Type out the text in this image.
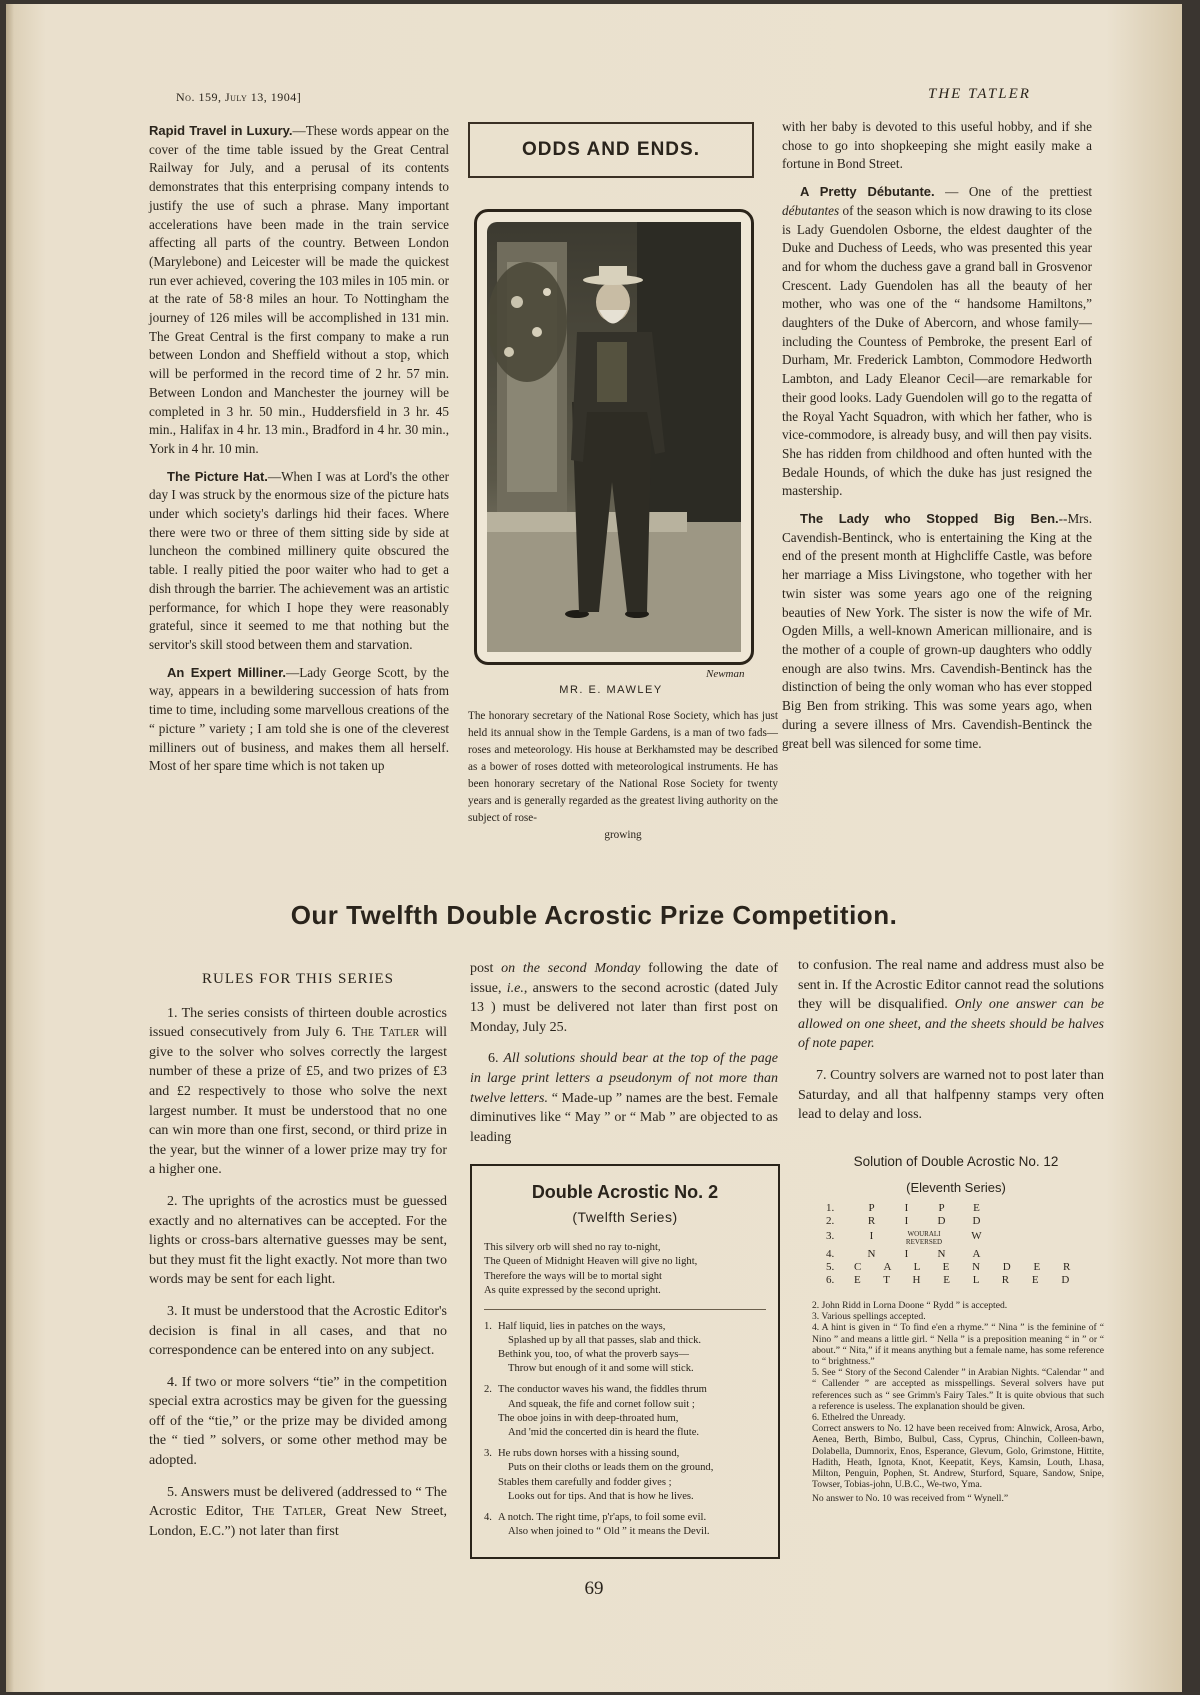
No. 159, July 13, 1904]	THE TATLER

Rapid Travel in Luxury.—These words appear on the cover of the time table issued by the Great Central Railway for July, and a perusal of its contents demonstrates that this enterprising company intends to justify the use of such a phrase. Many important accelerations have been made in the train service affecting all parts of the country. Between London (Marylebone) and Leicester will be made the quickest run ever achieved, covering the 103 miles in 105 min. or at the rate of 58·8 miles an hour. To Nottingham the journey of 126 miles will be accomplished in 131 min. The Great Central is the first company to make a run between London and Sheffield without a stop, which will be performed in the record time of 2 hr. 57 min. Between London and Manchester the journey will be completed in 3 hr. 50 min., Huddersfield in 3 hr. 45 min., Halifax in 4 hr. 13 min., Bradford in 4 hr. 30 min., York in 4 hr. 10 min.

The Picture Hat.—When I was at Lord's the other day I was struck by the enormous size of the picture hats under which society's darlings hid their faces. Where there were two or three of them sitting side by side at luncheon the combined millinery quite obscured the table. I really pitied the poor waiter who had to get a dish through the barrier. The achievement was an artistic performance, for which I hope they were reasonably grateful, since it seemed to me that nothing but the servitor's skill stood between them and starvation.

An Expert Milliner.—Lady George Scott, by the way, appears in a bewildering succession of hats from time to time, including some marvellous creations of the “ picture ” variety ; I am told she is one of the cleverest milliners out of business, and makes them all herself. Most of her spare time which is not taken up

ODDS AND ENDS.
Newman
MR. E. MAWLEY
The honorary secretary of the National Rose Society, which has just held its annual show in the Temple Gardens, is a man of two fads—roses and meteorology. His house at Berkhamsted may be described as a bower of roses dotted with meteorological instruments. He has been honorary secretary of the National Rose Society for twenty years and is generally regarded as the greatest living authority on the subject of rose-
growing

with her baby is devoted to this useful hobby, and if she chose to go into shopkeeping she might easily make a fortune in Bond Street.

A Pretty Débutante. — One of the prettiest débutantes of the season which is now drawing to its close is Lady Guendolen Osborne, the eldest daughter of the Duke and Duchess of Leeds, who was presented this year and for whom the duchess gave a grand ball in Grosvenor Crescent. Lady Guendolen has all the beauty of her mother, who was one of the “ handsome Hamiltons,” daughters of the Duke of Abercorn, and whose family—including the Countess of Pembroke, the present Earl of Durham, Mr. Frederick Lambton, Commodore Hedworth Lambton, and Lady Eleanor Cecil—are remarkable for their good looks. Lady Guendolen will go to the regatta of the Royal Yacht Squadron, with which her father, who is vice-commodore, is already busy, and will then pay visits. She has ridden from childhood and often hunted with the Bedale Hounds, of which the duke has just resigned the mastership.

The Lady who Stopped Big Ben.--Mrs. Cavendish-Bentinck, who is entertaining the King at the end of the present month at Highcliffe Castle, was before her marriage a Miss Livingstone, who together with her twin sister was some years ago one of the reigning beauties of New York. The sister is now the wife of Mr. Ogden Mills, a well-known American millionaire, and is the mother of a couple of grown-up daughters who oddly enough are also twins. Mrs. Cavendish-Bentinck has the distinction of being the only woman who has ever stopped Big Ben from striking. This was some years ago, when during a severe illness of Mrs. Cavendish-Bentinck the great bell was silenced for some time.

Our Twelfth Double Acrostic Prize Competition.

RULES FOR THIS SERIES

1. The series consists of thirteen double acrostics issued consecutively from July 6. The Tatler will give to the solver who solves correctly the largest number of these a prize of £5, and two prizes of £3 and £2 respectively to those who solve the next largest number. It must be understood that no one can win more than one first, second, or third prize in the year, but the winner of a lower prize may try for a higher one.

2. The uprights of the acrostics must be guessed exactly and no alternatives can be accepted. For the lights or cross-bars alternative guesses may be sent, but they must fit the light exactly. Not more than two words may be sent for each light.

3. It must be understood that the Acrostic Editor's decision is final in all cases, and that no correspondence can be entered into on any subject.

4. If two or more solvers “tie” in the competition special extra acrostics may be given for the guessing off of the “tie,” or the prize may be divided among the “ tied ” solvers, or some other method may be adopted.

5. Answers must be delivered (addressed to “ The Acrostic Editor, The Tatler, Great New Street, London, E.C.”) not later than first

post on the second Monday following the date of issue, i.e., answers to the second acrostic (dated July 13 ) must be delivered not later than first post on Monday, July 25.

6. All solutions should bear at the top of the page in large print letters a pseudonym of not more than twelve letters. “ Made-up ” names are the best. Female diminutives like “ May ” or “ Mab ” are objected to as leading

to confusion. The real name and address must also be sent in. If the Acrostic Editor cannot read the solutions they will be disqualified. Only one answer can be allowed on one sheet, and the sheets should be halves of note paper.

7. Country solvers are warned not to post later than Saturday, and all that halfpenny stamps very often lead to delay and loss.

Double Acrostic No. 2
(Twelfth Series)
This silvery orb will shed no ray to-night,
The Queen of Midnight Heaven will give no light,
Therefore the ways will be to mortal sight
As quite expressed by the second upright.
1. Half liquid, lies in patches on the ways,
Splashed up by all that passes, slab and thick.
Bethink you, too, of what the proverb says—
Throw but enough of it and some will stick.
2. The conductor waves his wand, the fiddles thrum
And squeak, the fife and cornet follow suit ;
The oboe joins in with deep-throated hum,
And 'mid the concerted din is heard the flute.
3. He rubs down horses with a hissing sound,
Puts on their cloths or leads them on the ground,
Stables them carefully and fodder gives ;
Looks out for tips. And that is how he lives.
4. A notch. The right time, p'r'aps, to foil some evil.
Also when joined to “ Old ” it means the Devil.
Solution of Double Acrostic No. 12
(Eleventh Series)
1.	P	I	P	E
2.	R	I	D	D
3.	I	WOURALI REVERSED	W
4.	N	I	N	A
5.	C A L E N D E R
6.	E T H E L R E D

2. John Ridd in Lorna Doone “ Rydd ” is accepted.

3. Various spellings accepted.

4. A hint is given in “ To find e'en a rhyme.” “ Nina ” is the feminine of “ Nino ” and means a little girl. “ Nella ” is a preposition meaning “ in ” or “ about.” “ Nita,” if it means anything but a female name, has some reference to “ brightness.”

5. See “ Story of the Second Calender ” in Arabian Nights. “Calendar ” and “ Callender ” are accepted as misspellings. Several solvers have put references such as “ see Grimm's Fairy Tales.” It is quite obvious that such a reference is useless. The explanation should be given.

6. Ethelred the Unready.

Correct answers to No. 12 have been received from: Alnwick, Arosa, Arbo, Aenea, Berth, Bimbo, Bulbul, Cass, Cyprus, Chinchin, Colleen-bawn, Dolabella, Dumnorix, Enos, Esperance, Glevum, Golo, Grimstone, Hittite, Hadith, Heath, Ignota, Knot, Keepatit, Keys, Kamsin, Louth, Lhasa, Milton, Penguin, Pophen, St. Andrew, Sturford, Square, Sandow, Snipe, Towser, Tobias-john, U.B.C., We-two, Yma.

No answer to No. 10 was received from “ Wynell.”

69
